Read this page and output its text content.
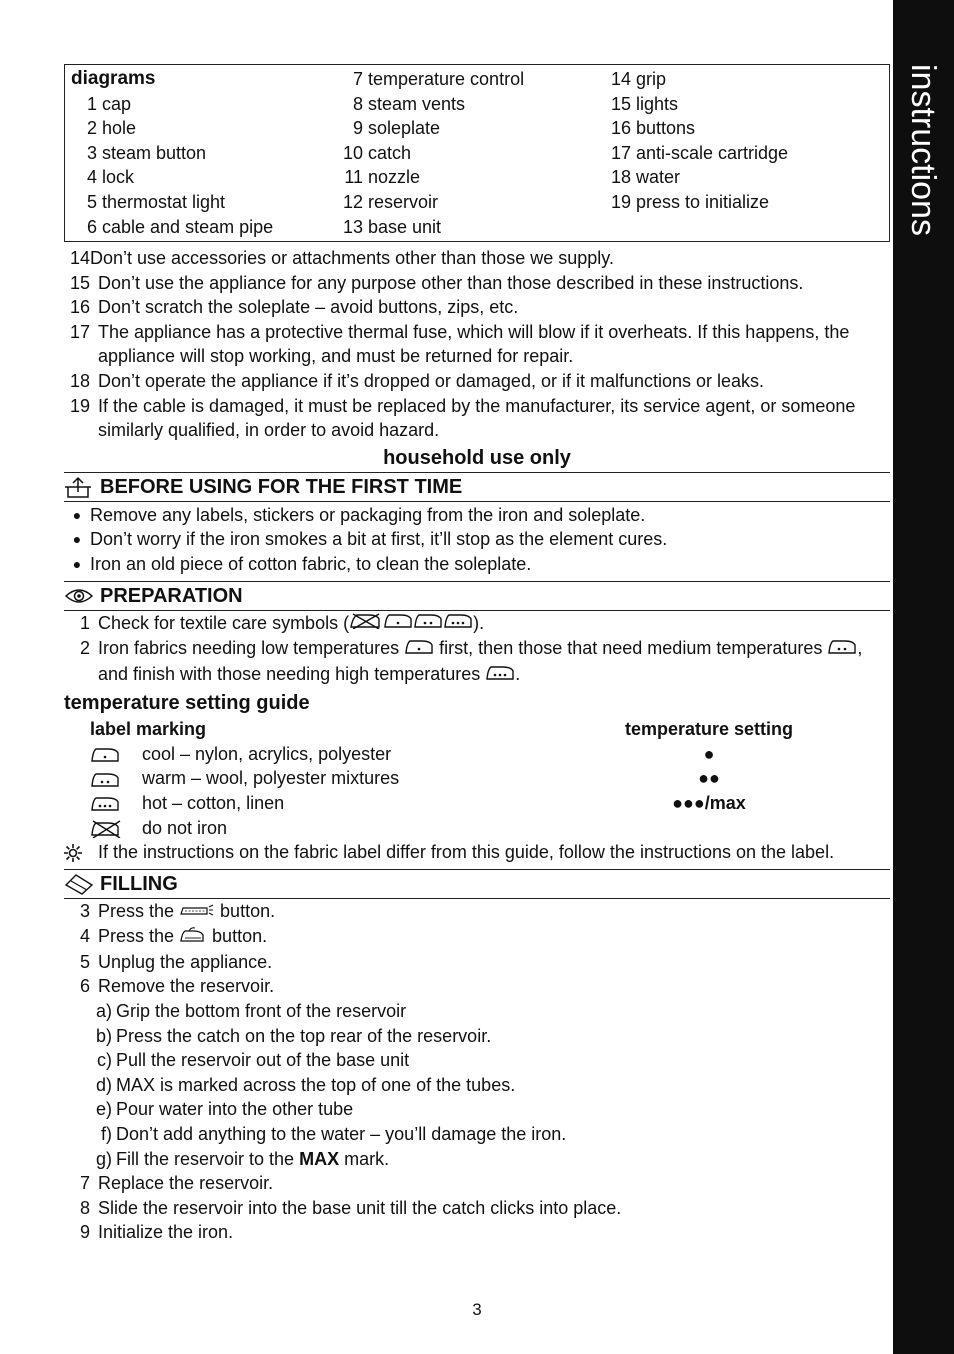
instructions
diagrams
1 cap
2 hole
3 steam button
4 lock
5 thermostat light
6 cable and steam pipe
7 temperature control
8 steam vents
9 soleplate
10 catch
11 nozzle
12 reservoir
13 base unit
14 grip
15 lights
16 buttons
17 anti-scale cartridge
18 water
19 press to initialize
14 Don’t use accessories or attachments other than those we supply.
15 Don’t use the appliance for any purpose other than those described in these instructions.
16 Don’t scratch the soleplate – avoid buttons, zips, etc.
17 The appliance has a protective thermal fuse, which will blow if it overheats. If this happens, the appliance will stop working, and must be returned for repair.
18 Don’t operate the appliance if it’s dropped or damaged, or if it malfunctions or leaks.
19 If the cable is damaged, it must be replaced by the manufacturer, its service agent, or someone similarly qualified, in order to avoid hazard.
household use only
BEFORE USING FOR THE FIRST TIME
● Remove any labels, stickers or packaging from the iron and soleplate.
● Don’t worry if the iron smokes a bit at first, it’ll stop as the element cures.
● Iron an old piece of cotton fabric, to clean the soleplate.
PREPARATION
1 Check for textile care symbols (	).
2 Iron fabrics needing low temperatures  first, then those that need medium temperatures , and finish with those needing high temperatures .
temperature setting guide
label marking	temperature setting
cool – nylon, acrylics, polyester	●
warm – wool, polyester mixtures	●●
hot – cotton, linen	●●●/max
do not iron
If the instructions on the fabric label differ from this guide, follow the instructions on the label.
FILLING
3 Press the  button.
4 Press the  button.
5 Unplug the appliance.
6 Remove the reservoir.
a) Grip the bottom front of the reservoir
b) Press the catch on the top rear of the reservoir.
c) Pull the reservoir out of the base unit
d) MAX is marked across the top of one of the tubes.
e) Pour water into the other tube
f) Don’t add anything to the water – you’ll damage the iron.
g) Fill the reservoir to the MAX mark.
7 Replace the reservoir.
8 Slide the reservoir into the base unit till the catch clicks into place.
9 Initialize the iron.
3
